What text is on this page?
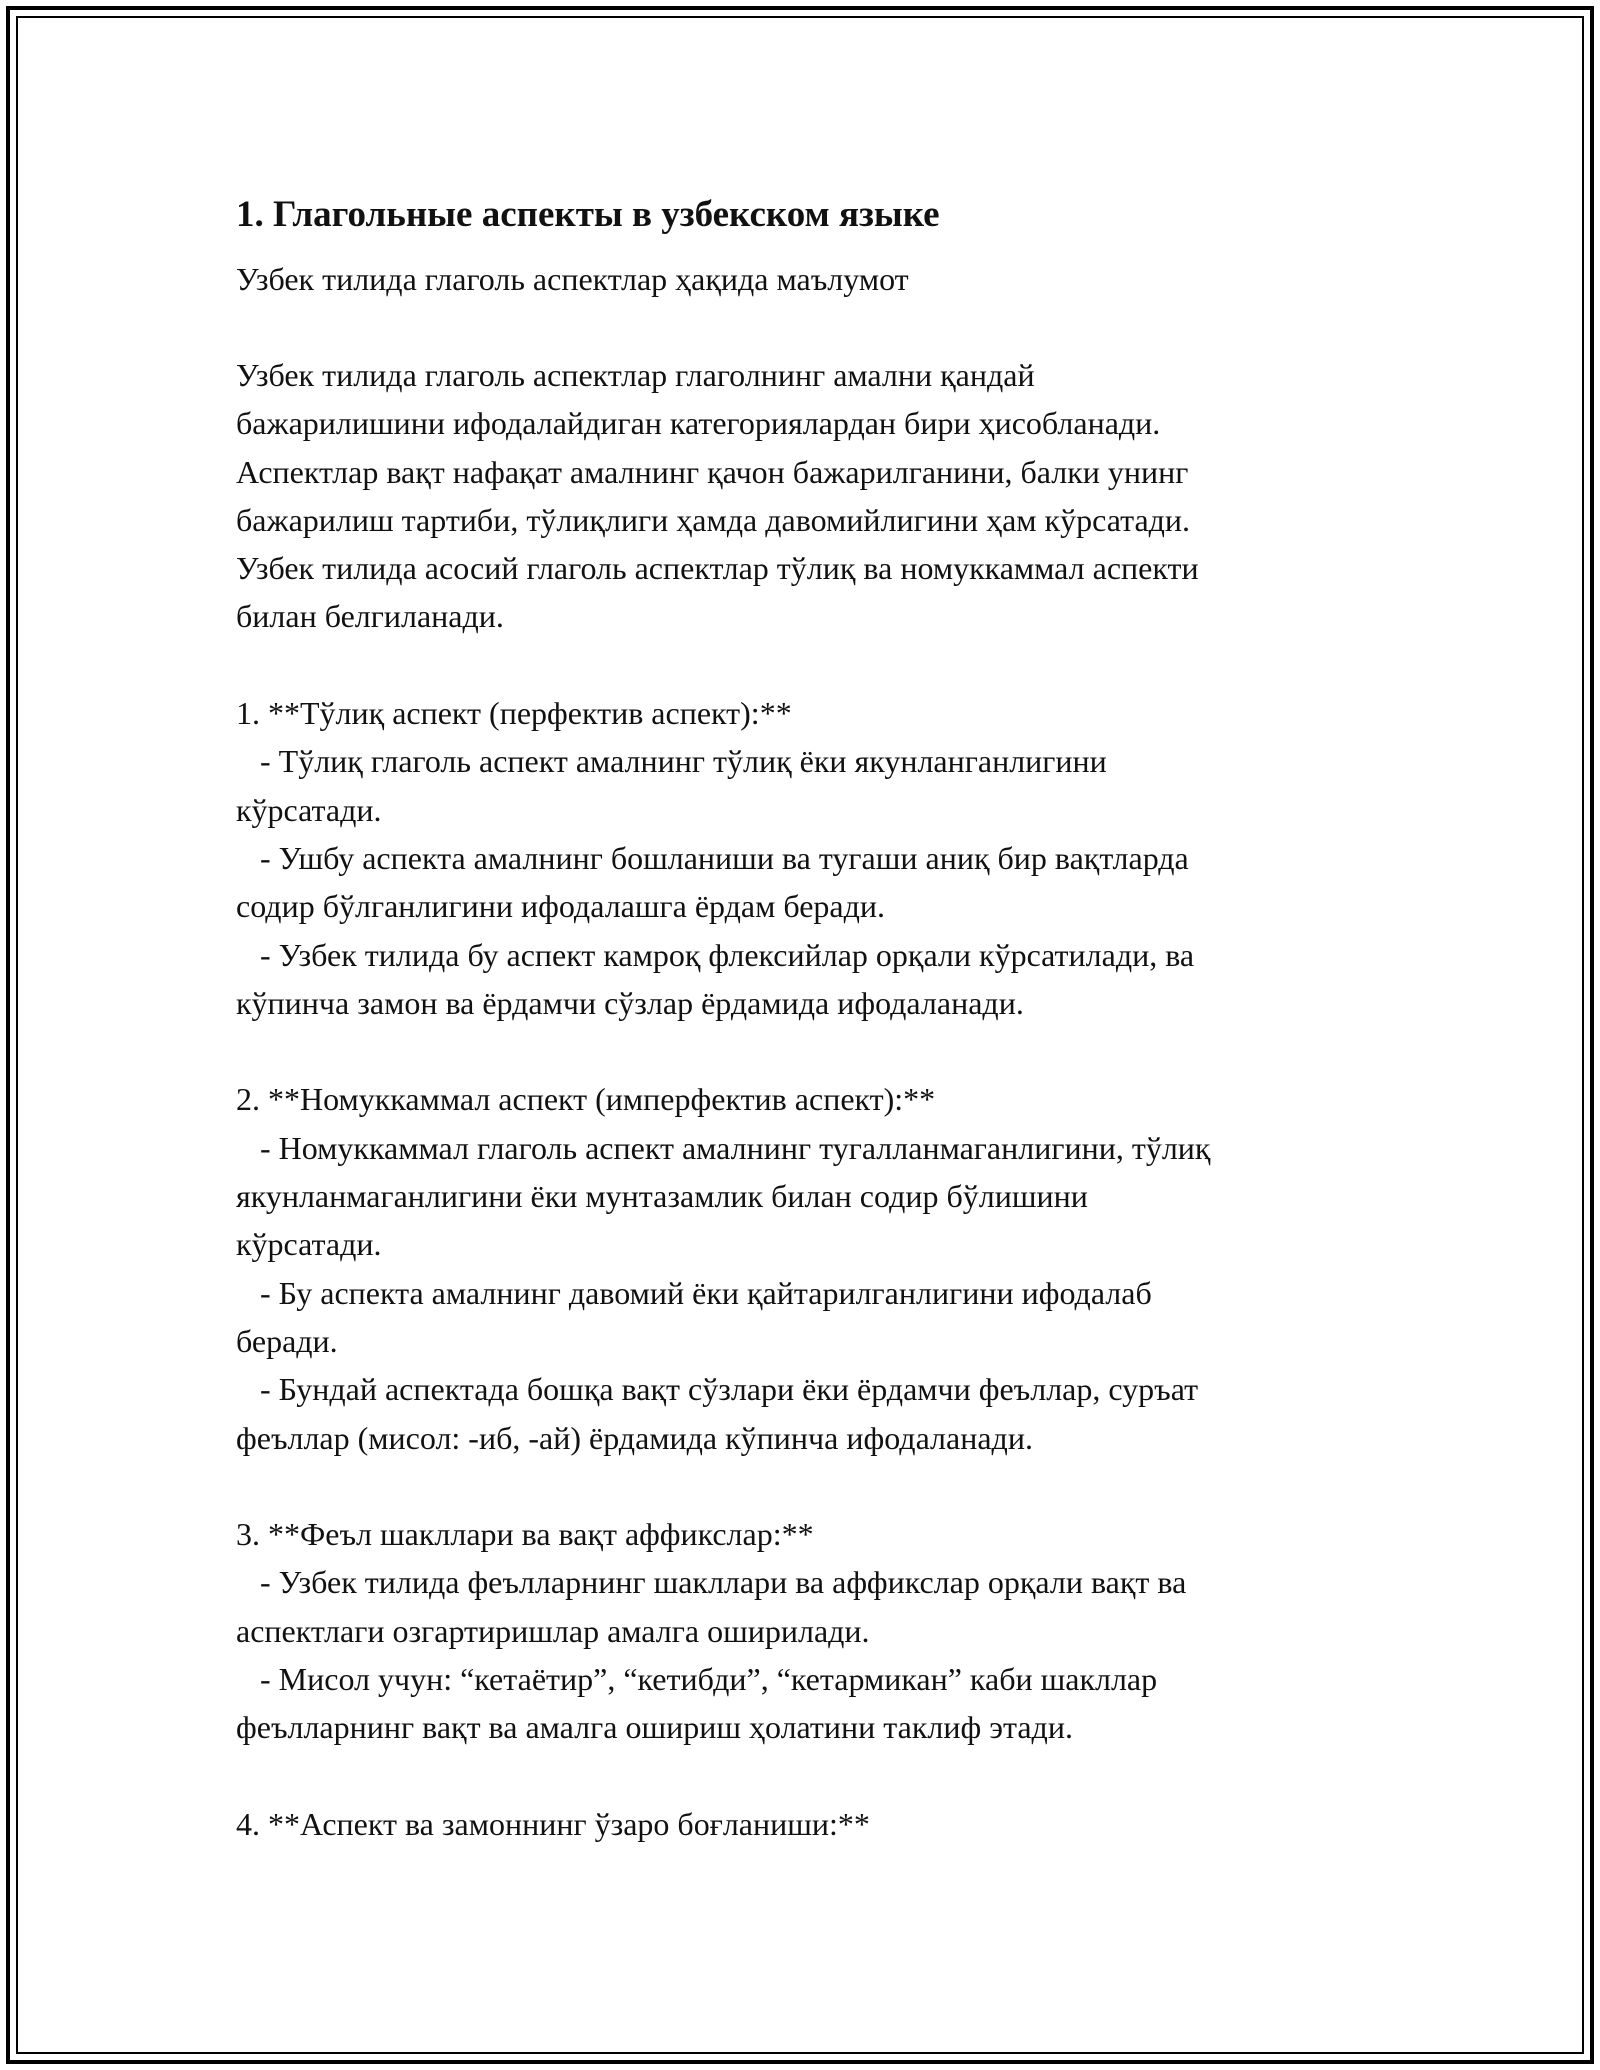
1. Глагольные аспекты в узбекском языке

Узбек тилида глаголь аспектлар ҳақида маълумот

Узбек тилида глаголь аспектлар глаголнинг амални қандай
бажарилишини ифодалайдиган категориялардан бири ҳисобланади.
Аспектлар вақт нафақат амалнинг қачон бажарилганини, балки унинг
бажарилиш тартиби, тўлиқлиги ҳамда давомийлигини ҳам кўрсатади.
Узбек тилида асосий глаголь аспектлар тўлиқ ва номуккаммал аспекти
билан белгиланади.

1. **Тўлиқ аспект (перфектив аспект):**
- Тўлиқ глаголь аспект амалнинг тўлиқ ёки якунланганлигини
кўрсатади.
- Ушбу аспекта амалнинг бошланиши ва тугаши аниқ бир вақтларда
содир бўлганлигини ифодалашга ёрдам беради.
- Узбек тилида бу аспект камроқ флексийлар орқали кўрсатилади, ва
кўпинча замон ва ёрдамчи сўзлар ёрдамида ифодаланади.

2. **Номуккаммал аспект (имперфектив аспект):**
- Номуккаммал глаголь аспект амалнинг тугалланмаганлигини, тўлиқ
якунланмаганлигини ёки мунтазамлик билан содир бўлишини
кўрсатади.
- Бу аспекта амалнинг давомий ёки қайтарилганлигини ифодалаб
беради.
- Бундай аспектада бошқа вақт сўзлари ёки ёрдамчи феъллар, суръат
феъллар (мисол: -иб, -ай) ёрдамида кўпинча ифодаланади.

3. **Феъл шакллари ва вақт аффикслар:**
- Узбек тилида феълларнинг шакллари ва аффикслар орқали вақт ва
аспектлаги озгартиришлар амалга оширилади.
- Мисол учун: “кетаётир”, “кетибди”, “кетармикан” каби шакллар
феълларнинг вақт ва амалга ошириш ҳолатини таклиф этади.

4. **Аспект ва замоннинг ўзаро боғланиши:**
